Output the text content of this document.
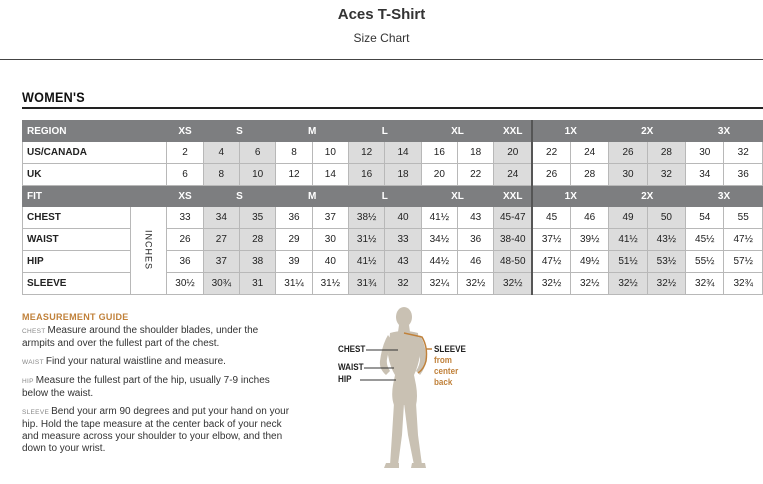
Aces T-Shirt
Size Chart
WOMEN'S
REGION		XS	S		M		L		XL		XXL	1X		2X		3X	
US/CANADA		2	4	6	8	10	12	14	16	18	20	22	24	26	28	30	32
UK		6	8	10	12	14	16	18	20	22	24	26	28	30	32	34	36
FIT		XS	S		M		L		XL		XXL	1X		2X		3X	
CHEST	INCHES	33	34	35	36	37	38½	40	41½	43	45-47	45	46	49	50	54	55
WAIST		26	27	28	29	30	31½	33	34½	36	38-40	37½	39½	41½	43½	45½	47½
HIP		36	37	38	39	40	41½	43	44½	46	48-50	47½	49½	51½	53½	55½	57½
SLEEVE		30½	30¾	31	31¼	31½	31¾	32	32¼	32½	32½	32½	32½	32½	32½	32¾	32¾
MEASUREMENT GUIDE
CHEST Measure around the shoulder blades, under the armpits and over the fullest part of the chest.
WAIST Find your natural waistline and measure.
HIP Measure the fullest part of the hip, usually 7-9 inches below the waist.
SLEEVE Bend your arm 90 degrees and put your hand on your hip. Hold the tape measure at the center back of your neck and measure across your shoulder to your elbow, and then down to your wrist.
CHEST
WAIST
HIP
SLEEVE
from
center
back
